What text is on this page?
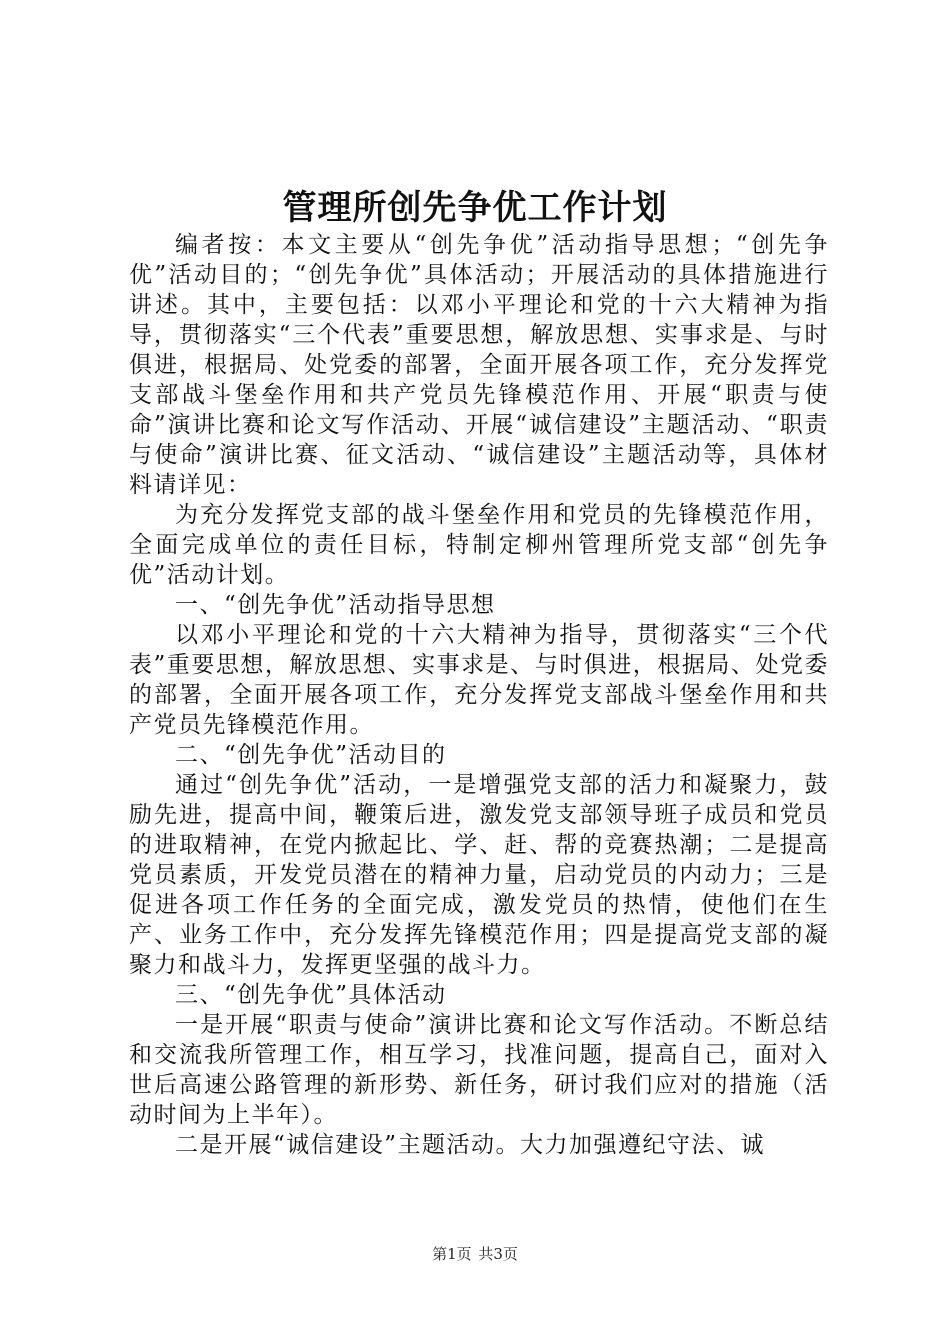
管理所创先争优工作计划

编者按：本文主要从“创先争优”活动指导思想；“创先争优”活动目的；“创先争优”具体活动；开展活动的具体措施进行讲述。其中，主要包括：以邓小平理论和党的十六大精神为指导，贯彻落实“三个代表”重要思想，解放思想、实事求是、与时俱进，根据局、处党委的部署，全面开展各项工作，充分发挥党支部战斗堡垒作用和共产党员先锋模范作用、开展“职责与使命”演讲比赛和论文写作活动、开展“诚信建设”主题活动、“职责与使命”演讲比赛、征文活动、“诚信建设”主题活动等，具体材料请详见：

为充分发挥党支部的战斗堡垒作用和党员的先锋模范作用，全面完成单位的责任目标，特制定柳州管理所党支部“创先争优”活动计划。

一、“创先争优”活动指导思想

以邓小平理论和党的十六大精神为指导，贯彻落实“三个代表”重要思想，解放思想、实事求是、与时俱进，根据局、处党委的部署，全面开展各项工作，充分发挥党支部战斗堡垒作用和共产党员先锋模范作用。

二、“创先争优”活动目的

通过“创先争优”活动，一是增强党支部的活力和凝聚力，鼓励先进，提高中间，鞭策后进，激发党支部领导班子成员和党员的进取精神，在党内掀起比、学、赶、帮的竞赛热潮；二是提高党员素质，开发党员潜在的精神力量，启动党员的内动力；三是促进各项工作任务的全面完成，激发党员的热情，使他们在生产、业务工作中，充分发挥先锋模范作用；四是提高党支部的凝聚力和战斗力，发挥更坚强的战斗力。

三、“创先争优”具体活动

一是开展“职责与使命”演讲比赛和论文写作活动。不断总结和交流我所管理工作，相互学习，找准问题，提高自己，面对入世后高速公路管理的新形势、新任务，研讨我们应对的措施（活动时间为上半年）。

二是开展“诚信建设”主题活动。大力加强遵纪守法、诚

第1页 共3页
